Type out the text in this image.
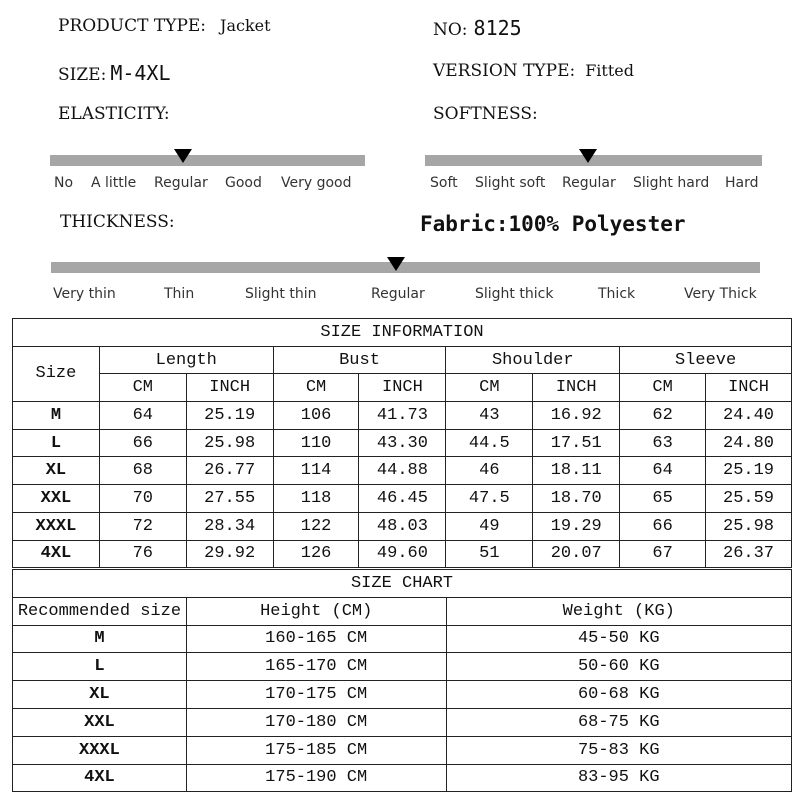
PRODUCT TYPE: Jacket	NO: 8125
SIZE: M-4XL	VERSION TYPE: Fitted
ELASTICITY:	SOFTNESS:
No A little Regular Good Very good	Soft Slight soft Regular Slight hard Hard
THICKNESS:	Fabric:100% Polyester
Very thin	Thin	Slight thin	Regular	Slight thick	Thick	Very Thick
SIZE INFORMATION								
Size	Length		Bust		Shoulder		Sleeve	
	CM	INCH	CM	INCH	CM	INCH	CM	INCH
M	64	25.19	106	41.73	43	16.92	62	24.40
L	66	25.98	110	43.30	44.5	17.51	63	24.80
XL	68	26.77	114	44.88	46	18.11	64	25.19
XXL	70	27.55	118	46.45	47.5	18.70	65	25.59
XXXL	72	28.34	122	48.03	49	19.29	66	25.98
4XL	76	29.92	126	49.60	51	20.07	67	26.37
SIZE CHART		
Recommended size	Height (CM)	Weight (KG)
M	160-165 CM	45-50 KG
L	165-170 CM	50-60 KG
XL	170-175 CM	60-68 KG
XXL	170-180 CM	68-75 KG
XXXL	175-185 CM	75-83 KG
4XL	175-190 CM	83-95 KG
